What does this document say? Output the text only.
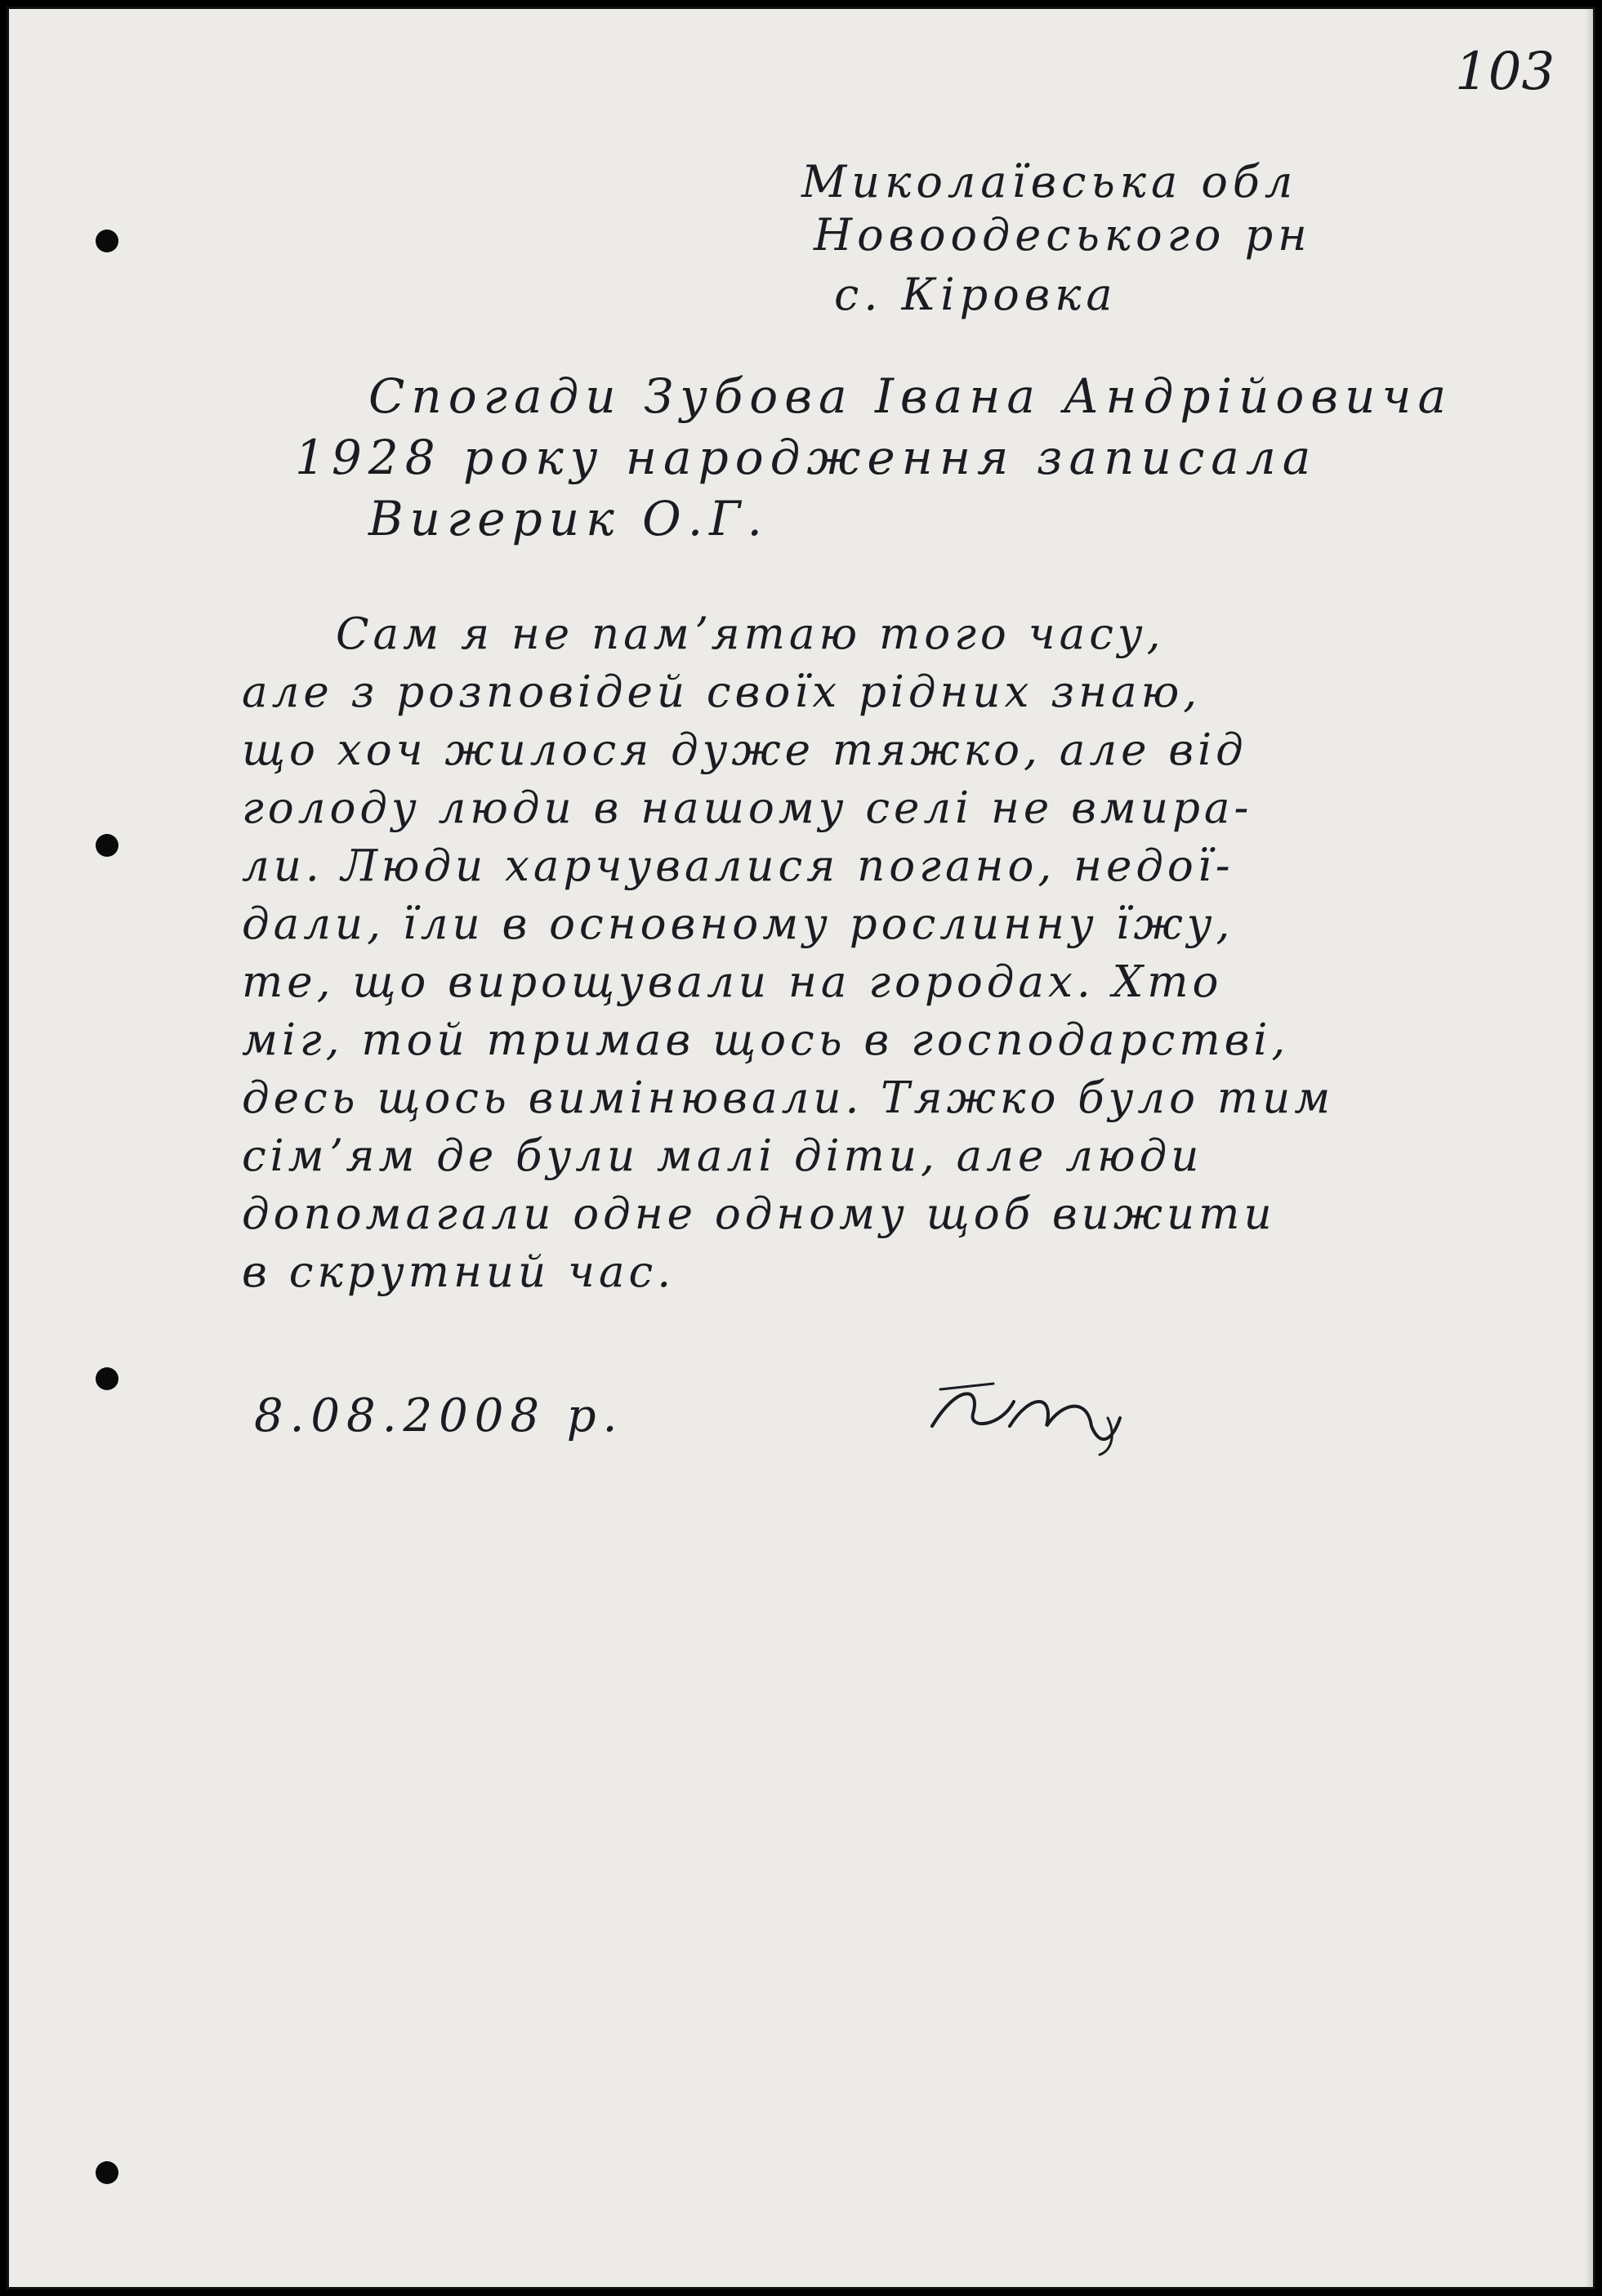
103

Миколаївська обл

Новоодеського рн

с. Кіровка

Спогади Зубова Івана Андрійовича

1928 року народження записала

Вигерик О.Г.

Сам я не памʼятаю того часу,

але з розповідей своїх рідних знаю,

що хоч жилося дуже тяжко, але від

голоду люди в нашому селі не вмира-

ли. Люди харчувалися погано, недої-

дали, їли в основному рослинну їжу,

те, що вирощували на городах. Хто

міг, той тримав щось в господарстві,

десь щось вимінювали. Тяжко було тим

сімʼям де були малі діти, але люди

допомагали одне одному щоб вижити

в скрутний час.

8.08.2008 р.
